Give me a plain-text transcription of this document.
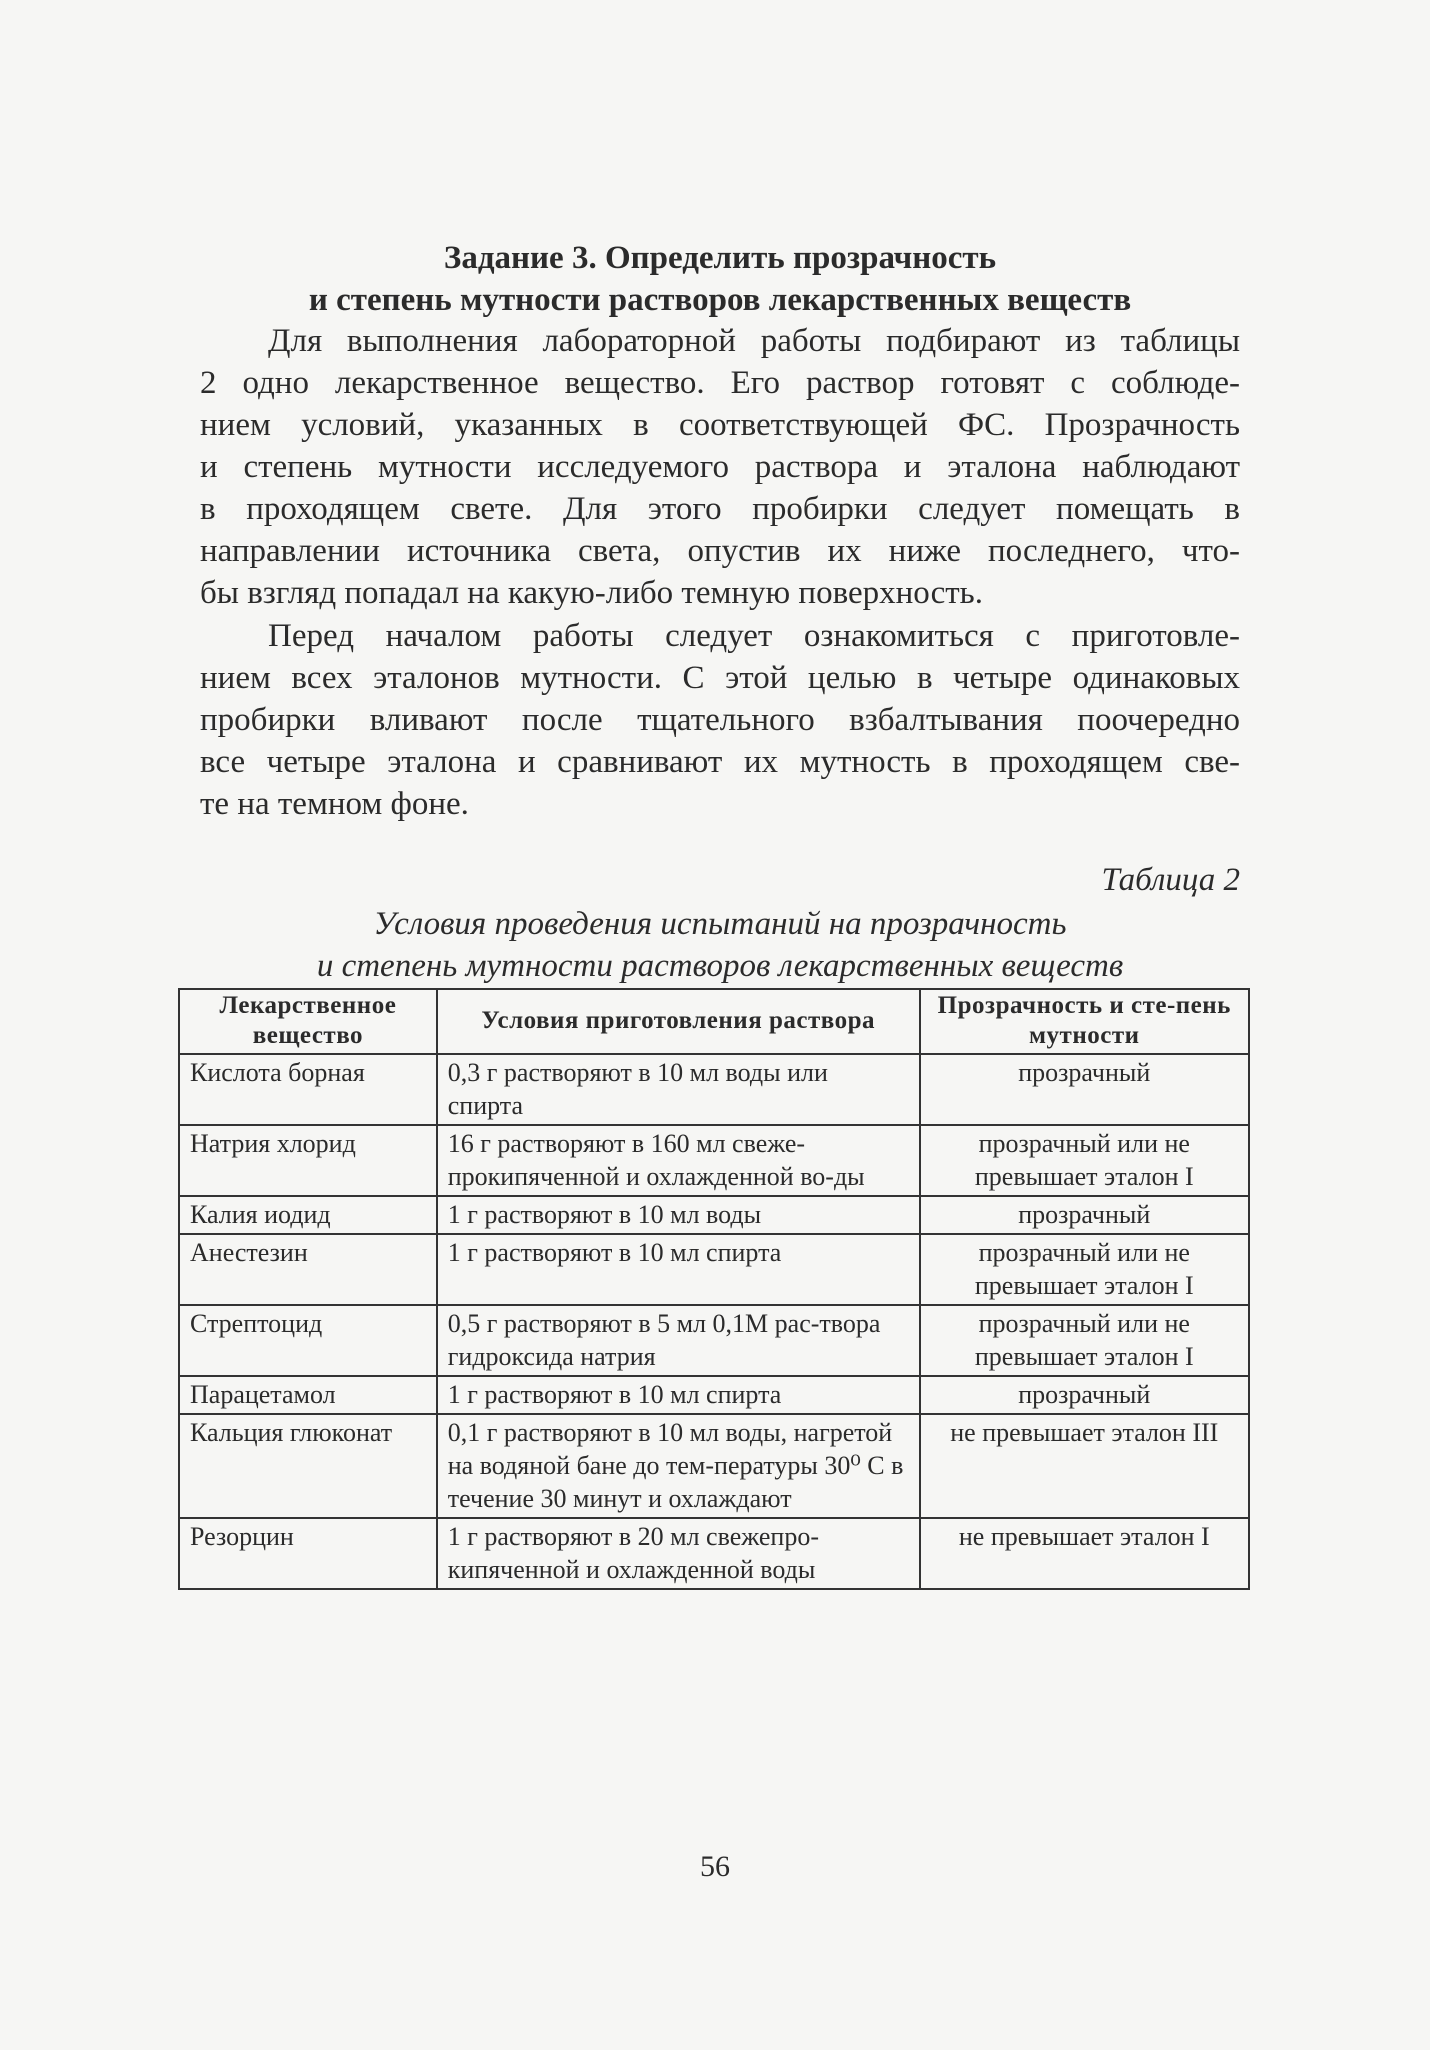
Задание 3. Определить прозрачность
и степень мутности растворов лекарственных веществ
Для выполнения лабораторной работы подбирают из таблицы
2 одно лекарственное вещество. Его раствор готовят с соблюде-
нием условий, указанных в соответствующей ФС. Прозрачность
и степень мутности исследуемого раствора и эталона наблюдают
в проходящем свете. Для этого пробирки следует помещать в
направлении источника света, опустив их ниже последнего, что-
бы взгляд попадал на какую-либо темную поверхность.
Перед началом работы следует ознакомиться с приготовле-
нием всех эталонов мутности. С этой целью в четыре одинаковых
пробирки вливают после тщательного взбалтывания поочередно
все четыре эталона и сравнивают их мутность в проходящем све-
те на темном фоне.
Таблица 2
Условия проведения испытаний на прозрачность
и степень мутности растворов лекарственных веществ
Лекарственное вещество	Условия приготовления раствора	Прозрачность и сте-пень мутности
Кислота борная	0,3 г растворяют в 10 мл воды или спирта	прозрачный
Натрия хлорид	16 г растворяют в 160 мл свеже-прокипяченной и охлажденной во-ды	прозрачный или не превышает эталон I
Калия иодид	1 г растворяют в 10 мл воды	прозрачный
Анестезин	1 г растворяют в 10 мл спирта	прозрачный или не превышает эталон I
Стрептоцид	0,5 г растворяют в 5 мл 0,1М рас-твора гидроксида натрия	прозрачный или не превышает эталон I
Парацетамол	1 г растворяют в 10 мл спирта	прозрачный
Кальция глюконат	0,1 г растворяют в 10 мл воды, нагретой на водяной бане до тем-пературы 30⁰ С в течение 30 минут и охлаждают	не превышает эталон III
Резорцин	1 г растворяют в 20 мл свежепро-кипяченной и охлажденной воды	не превышает эталон I
56
